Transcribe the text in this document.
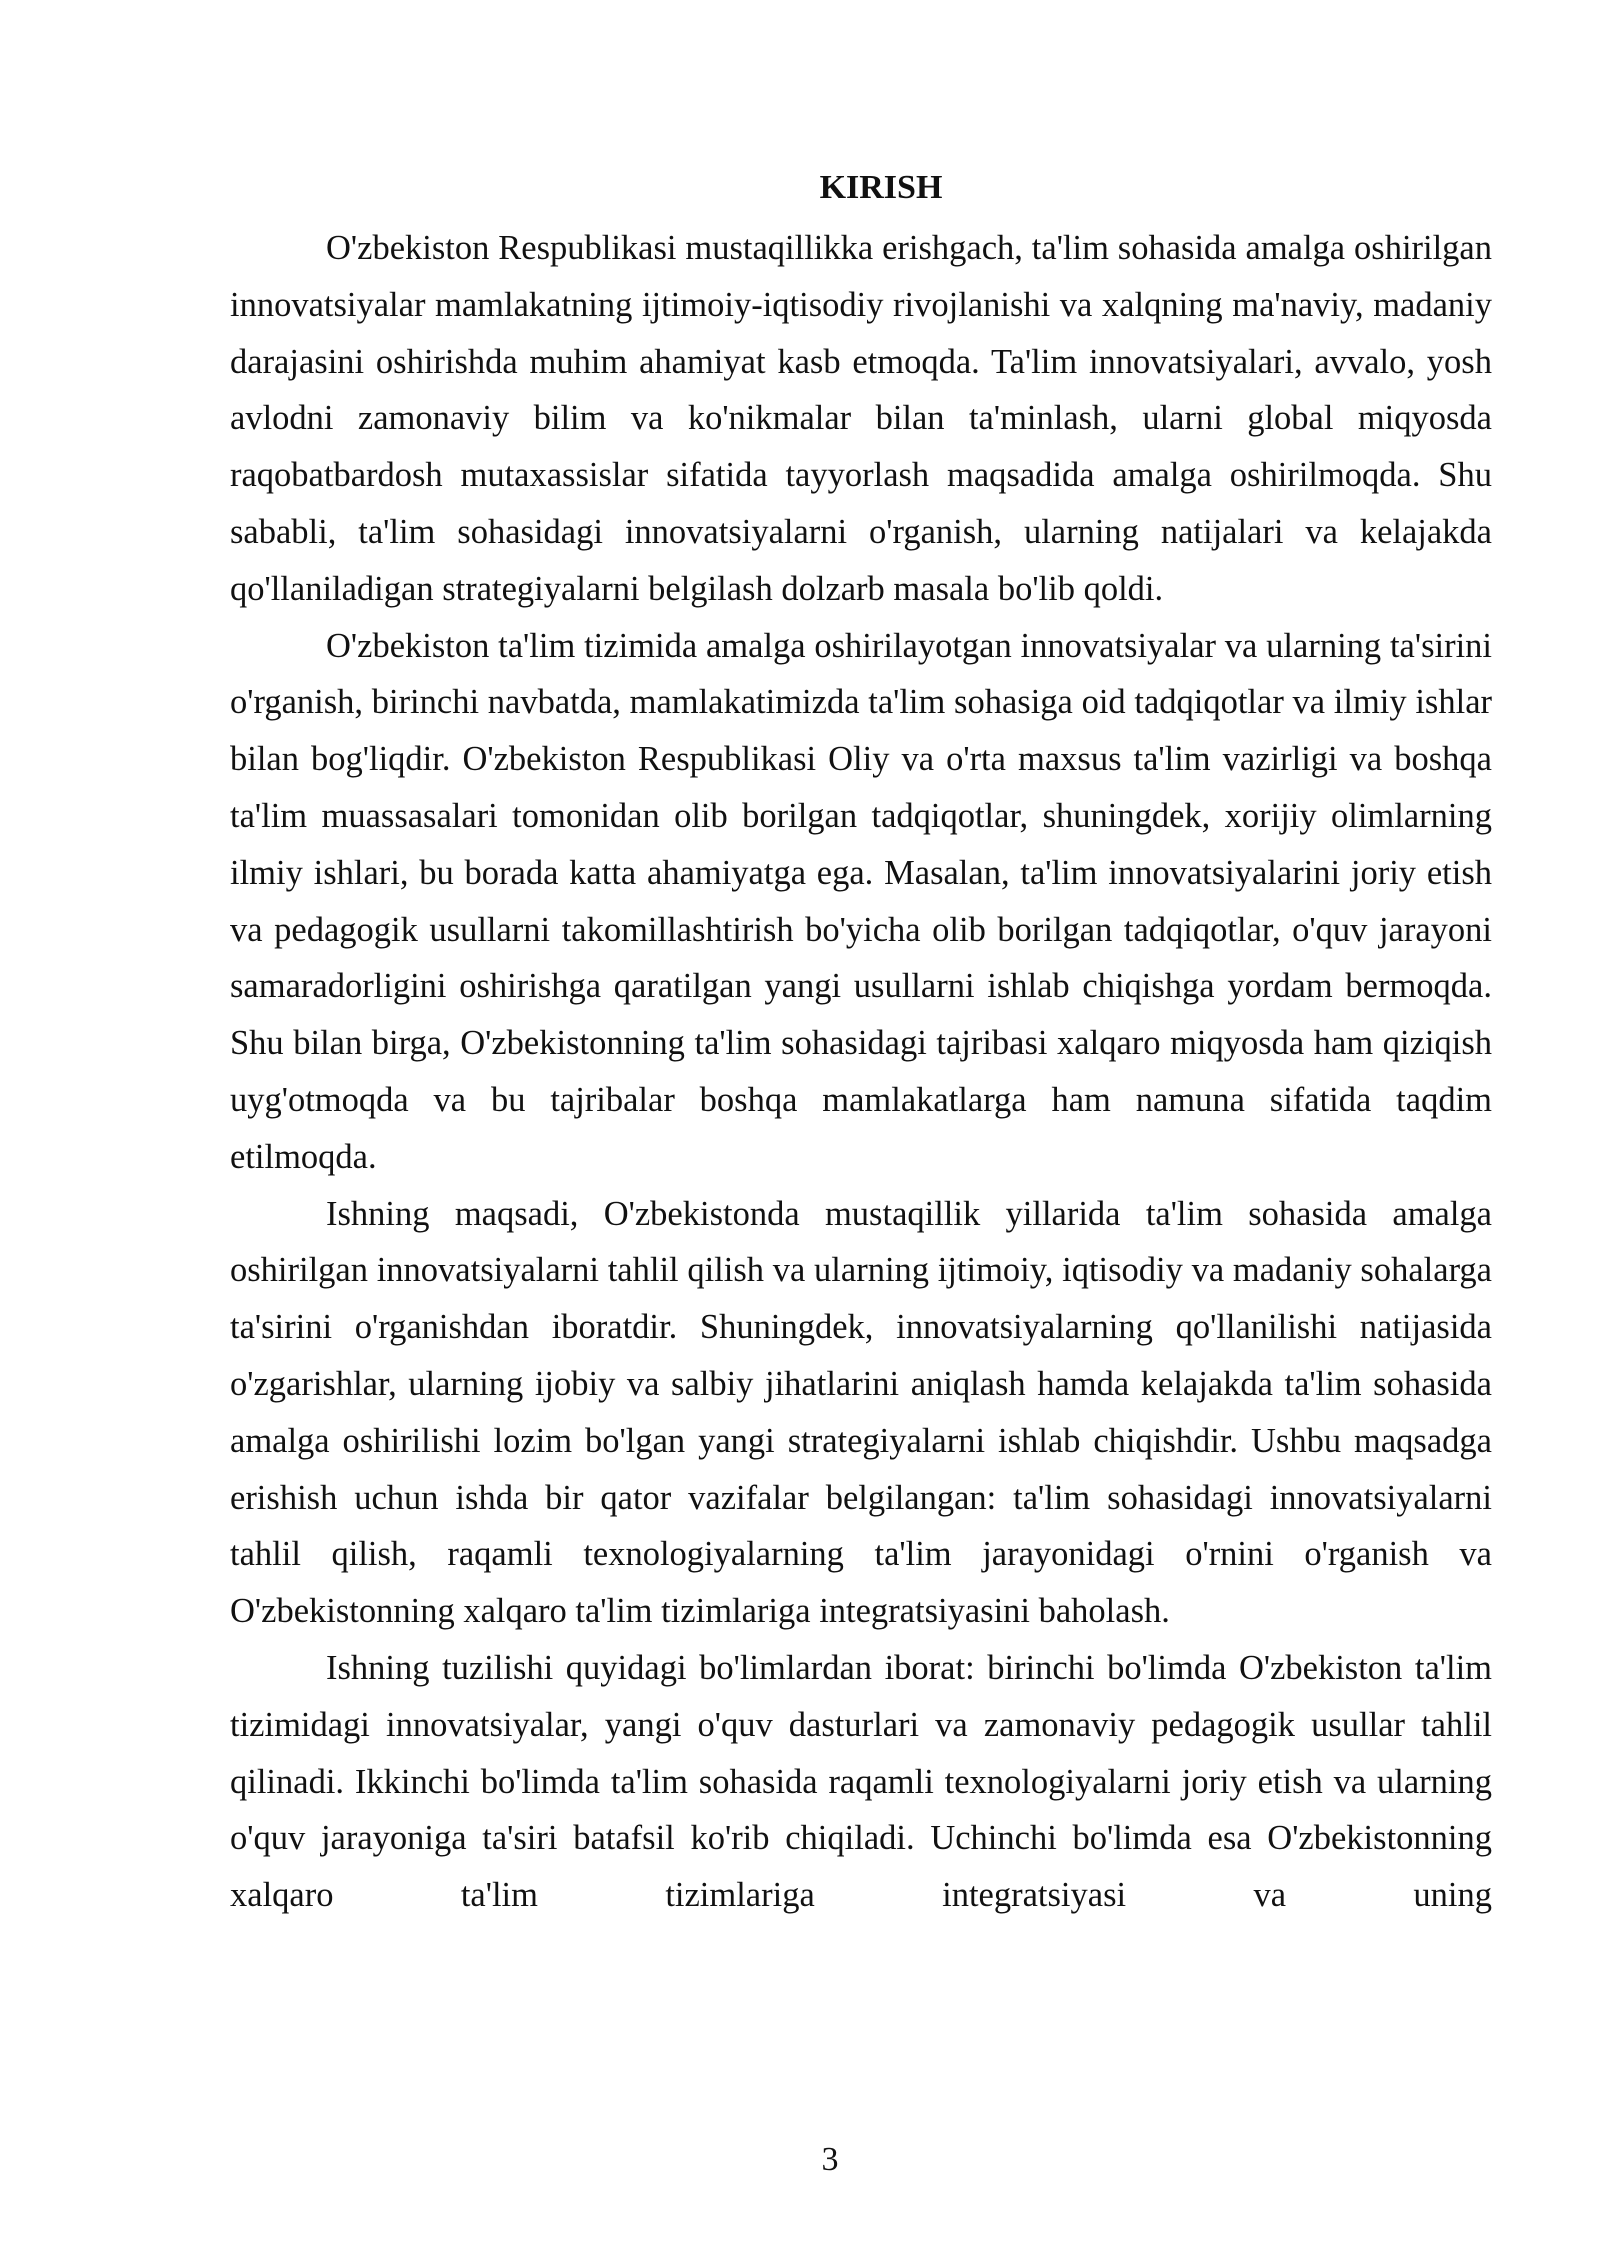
KIRISH

O'zbekiston Respublikasi mustaqillikka erishgach, ta'lim sohasida amalga oshirilgan innovatsiyalar mamlakatning ijtimoiy-iqtisodiy rivojlanishi va xalqning ma'naviy, madaniy darajasini oshirishda muhim ahamiyat kasb etmoqda. Ta'lim innovatsiyalari, avvalo, yosh avlodni zamonaviy bilim va ko'nikmalar bilan ta'minlash, ularni global miqyosda raqobatbardosh mutaxassislar sifatida tayyorlash maqsadida amalga oshirilmoqda. Shu sababli, ta'lim sohasidagi innovatsiyalarni o'rganish, ularning natijalari va kelajakda qo'llaniladigan strategiyalarni belgilash dolzarb masala bo'lib qoldi.

O'zbekiston ta'lim tizimida amalga oshirilayotgan innovatsiyalar va ularning ta'sirini o'rganish, birinchi navbatda, mamlakatimizda ta'lim sohasiga oid tadqiqotlar va ilmiy ishlar bilan bog'liqdir. O'zbekiston Respublikasi Oliy va o'rta maxsus ta'lim vazirligi va boshqa ta'lim muassasalari tomonidan olib borilgan tadqiqotlar, shuningdek, xorijiy olimlarning ilmiy ishlari, bu borada katta ahamiyatga ega. Masalan, ta'lim innovatsiyalarini joriy etish va pedagogik usullarni takomillashtirish bo'yicha olib borilgan tadqiqotlar, o'quv jarayoni samaradorligini oshirishga qaratilgan yangi usullarni ishlab chiqishga yordam bermoqda. Shu bilan birga, O'zbekistonning ta'lim sohasidagi tajribasi xalqaro miqyosda ham qiziqish uyg'otmoqda va bu tajribalar boshqa mamlakatlarga ham namuna sifatida taqdim etilmoqda.

Ishning maqsadi, O'zbekistonda mustaqillik yillarida ta'lim sohasida amalga oshirilgan innovatsiyalarni tahlil qilish va ularning ijtimoiy, iqtisodiy va madaniy sohalarga ta'sirini o'rganishdan iboratdir. Shuningdek, innovatsiyalarning qo'llanilishi natijasida o'zgarishlar, ularning ijobiy va salbiy jihatlarini aniqlash hamda kelajakda ta'lim sohasida amalga oshirilishi lozim bo'lgan yangi strategiyalarni ishlab chiqishdir. Ushbu maqsadga erishish uchun ishda bir qator vazifalar belgilangan: ta'lim sohasidagi innovatsiyalarni tahlil qilish, raqamli texnologiyalarning ta'lim jarayonidagi o'rnini o'rganish va O'zbekistonning xalqaro ta'lim tizimlariga integratsiyasini baholash.

Ishning tuzilishi quyidagi bo'limlardan iborat: birinchi bo'limda O'zbekiston ta'lim tizimidagi innovatsiyalar, yangi o'quv dasturlari va zamonaviy pedagogik usullar tahlil qilinadi. Ikkinchi bo'limda ta'lim sohasida raqamli texnologiyalarni joriy etish va ularning o'quv jarayoniga ta'siri batafsil ko'rib chiqiladi. Uchinchi bo'limda esa O'zbekistonning xalqaro ta'lim tizimlariga integratsiyasi va uning

3
